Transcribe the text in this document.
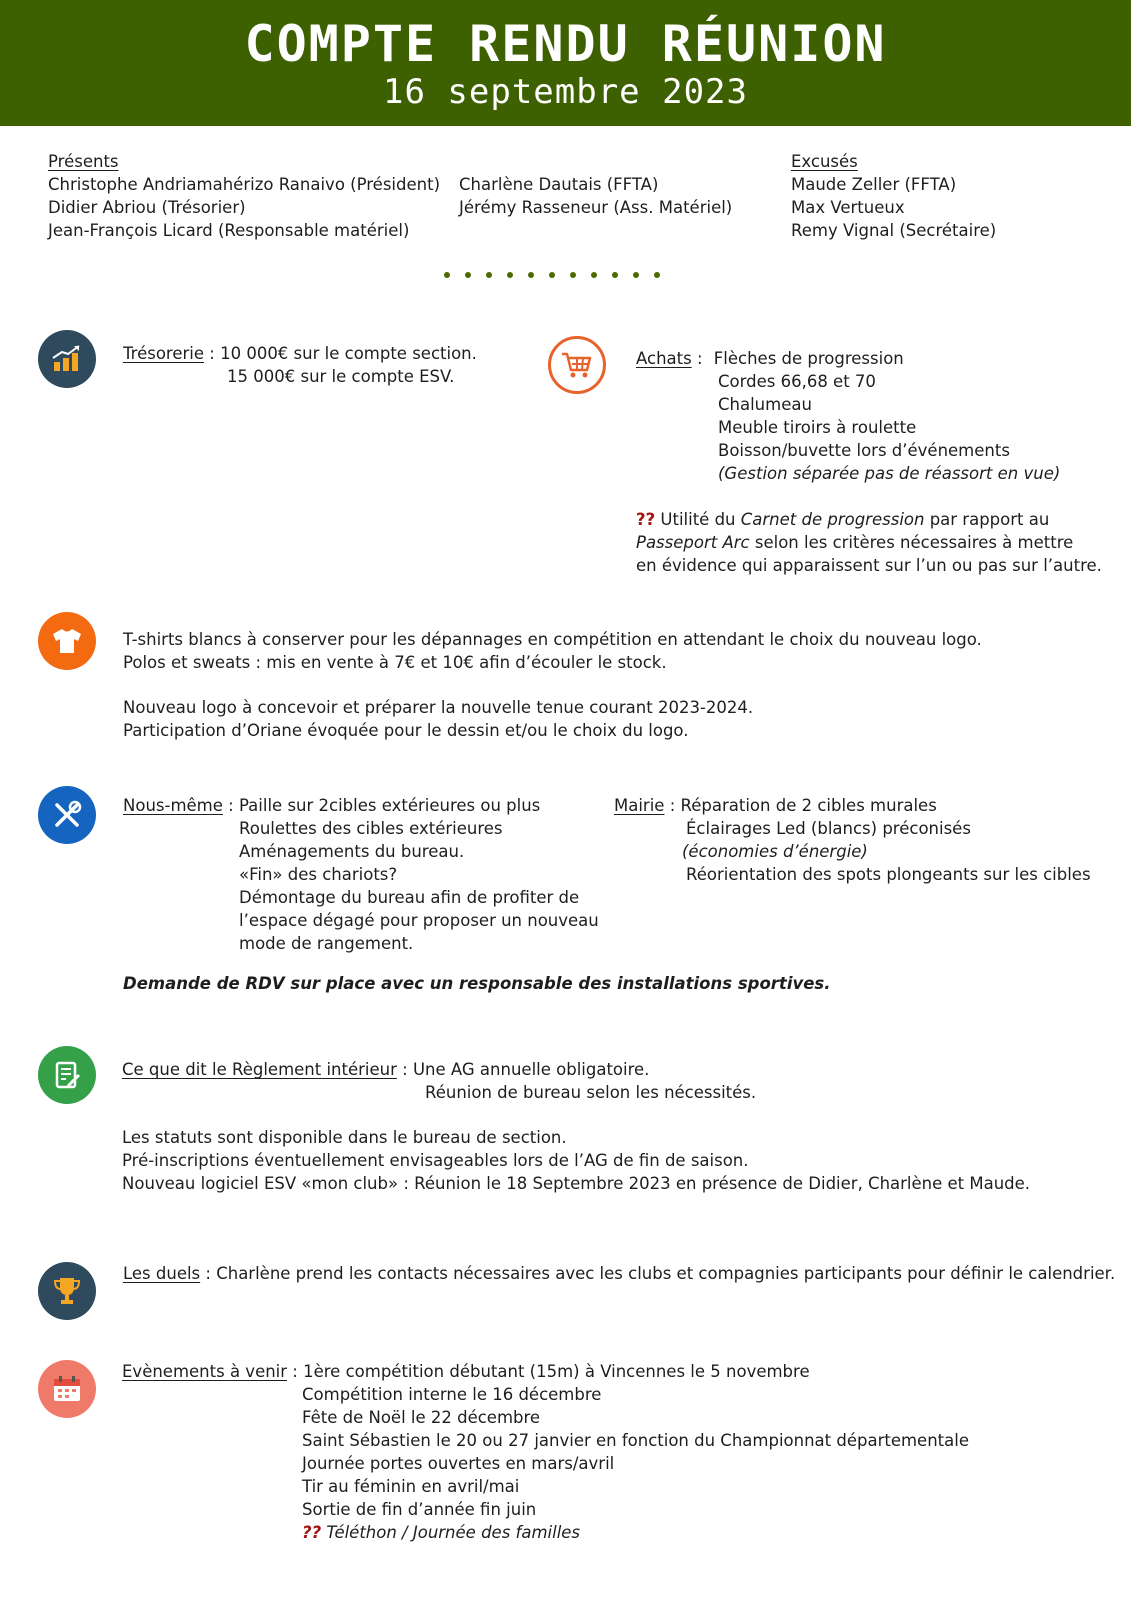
COMPTE RENDU RÉUNION
16 septembre 2023
Présents
Christophe Andriamahérizo Ranaivo (Président)
Didier Abriou (Trésorier)
Jean-François Licard (Responsable matériel)
Charlène Dautais (FFTA)
Jérémy Rasseneur (Ass. Matériel)
Excusés
Maude Zeller (FFTA)
Max Vertueux
Remy Vignal (Secrétaire)
Trésorerie : 10 000€ sur le compte section.
15 000€ sur le compte ESV.
Achats : Flèches de progression
Cordes 66,68 et 70
Chalumeau
Meuble tiroirs à roulette
Boisson/buvette lors d’événements
(Gestion séparée pas de réassort en vue)
?? Utilité du Carnet de progression par rapport au
Passeport Arc selon les critères nécessaires à mettre
en évidence qui apparaissent sur l’un ou pas sur l’autre.
T-shirts blancs à conserver pour les dépannages en compétition en attendant le choix du nouveau logo.
Polos et sweats : mis en vente à 7€ et 10€ afin d’écouler le stock.
Nouveau logo à concevoir et préparer la nouvelle tenue courant 2023-2024.
Participation d’Oriane évoquée pour le dessin et/ou le choix du logo.
Nous-même : Paille sur 2cibles extérieures ou plus
Roulettes des cibles extérieures
Aménagements du bureau.
«Fin» des chariots?
Démontage du bureau afin de profiter de
l’espace dégagé pour proposer un nouveau
mode de rangement.
Mairie : Réparation de 2 cibles murales
Éclairages Led (blancs) préconisés
(économies d’énergie)
Réorientation des spots plongeants sur les cibles
Demande de RDV sur place avec un responsable des installations sportives.
Ce que dit le Règlement intérieur : Une AG annuelle obligatoire.
Réunion de bureau selon les nécessités.
Les statuts sont disponible dans le bureau de section.
Pré-inscriptions éventuellement envisageables lors de l’AG de fin de saison.
Nouveau logiciel ESV «mon club» : Réunion le 18 Septembre 2023 en présence de Didier, Charlène et Maude.
Les duels : Charlène prend les contacts nécessaires avec les clubs et compagnies participants pour définir le calendrier.
Evènements à venir : 1ère compétition débutant (15m) à Vincennes le 5 novembre
Compétition interne le 16 décembre
Fête de Noël le 22 décembre
Saint Sébastien le 20 ou 27 janvier en fonction du Championnat départementale
Journée portes ouvertes en mars/avril
Tir au féminin en avril/mai
Sortie de fin d’année fin juin
?? Téléthon / Journée des familles
